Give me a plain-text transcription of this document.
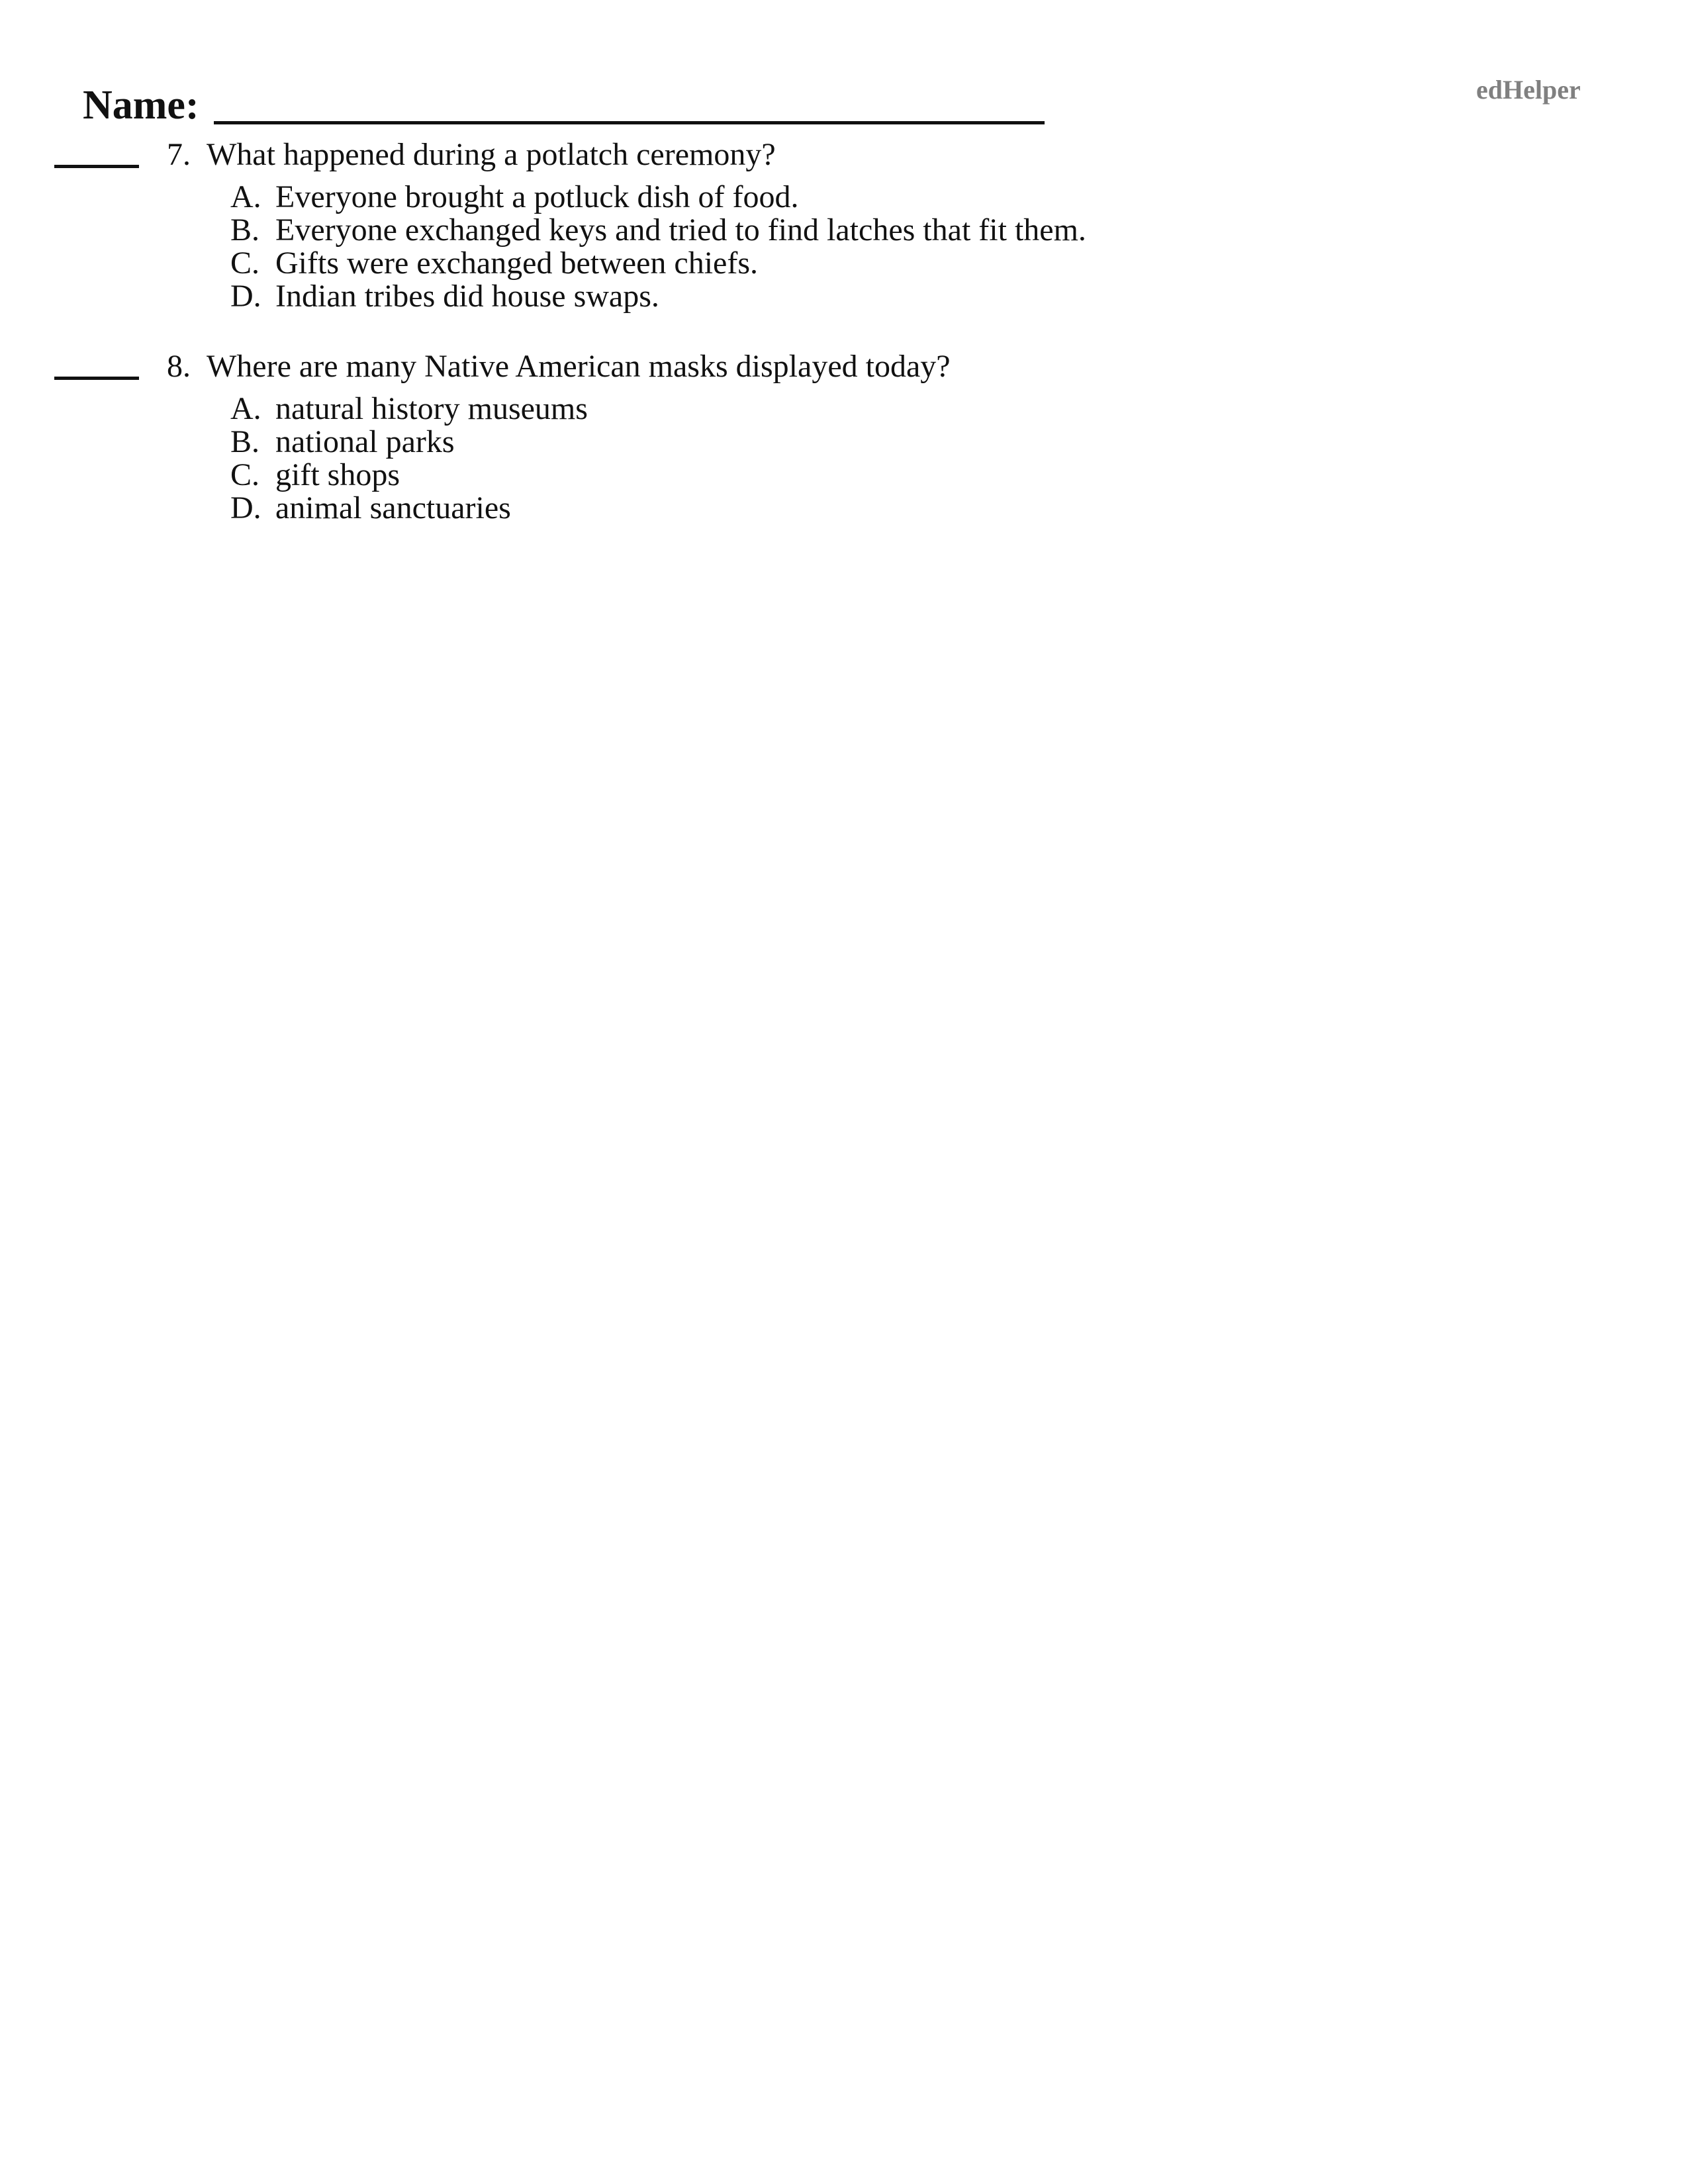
Name:	edHelper
7. What happened during a potlatch ceremony?
A. Everyone brought a potluck dish of food.
B. Everyone exchanged keys and tried to find latches that fit them.
C. Gifts were exchanged between chiefs.
D. Indian tribes did house swaps.
8. Where are many Native American masks displayed today?
A. natural history museums
B. national parks
C. gift shops
D. animal sanctuaries
